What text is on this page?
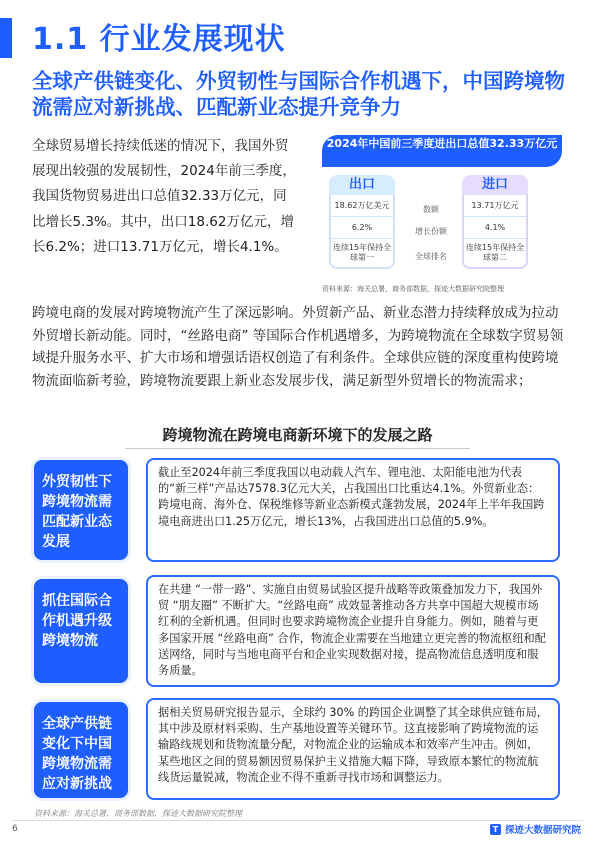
1.1 行业发展现状
全球产供链变化、外贸韧性与国际合作机遇下，中国跨境物流需应对新挑战、匹配新业态提升竞争力

全球贸易增长持续低迷的情况下，我国外贸展现出较强的发展韧性，2024年前三季度，我国货物贸易进出口总值32.33万亿元，同比增长5.3%。其中，出口18.62万亿元，增长6.2%；进口13.71万亿元，增长4.1%。

2024年中国前三季度进出口总值32.33万亿元
出口
18.62万亿美元
6.2%
连续15年保持全球第一
数额
增长份额
全球排名
进口
13.71万亿元
4.1%
连续15年保持全球第二
资料来源：海关总署，商务部数据，探迹大数据研究院整理

跨境电商的发展对跨境物流产生了深远影响。外贸新产品、新业态潜力持续释放成为拉动外贸增长新动能。同时，“丝路电商” 等国际合作机遇增多，为跨境物流在全球数字贸易领域提升服务水平、扩大市场和增强话语权创造了有利条件。全球供应链的深度重构使跨境物流面临新考验，跨境物流要跟上新业态发展步伐，满足新型外贸增长的物流需求；

跨境物流在跨境电商新环境下的发展之路
外贸韧性下跨境物流需匹配新业态发展
截止至2024年前三季度我国以电动载人汽车、锂电池、太阳能电池为代表的“新三样”产品达7578.3亿元大关，占我国出口比重达4.1%。外贸新业态：跨境电商、海外仓、保税维修等新业态新模式蓬勃发展，2024年上半年我国跨境电商进出口1.25万亿元，增长13%，占我国进出口总值的5.9%。
抓住国际合作机遇升级跨境物流
在共建 “一带一路”、实施自由贸易试验区提升战略等政策叠加发力下，我国外贸 “朋友圈” 不断扩大。“丝路电商” 成效显著推动各方共享中国超大规模市场红利的全新机遇。但同时也要求跨境物流企业提升自身能力。例如，随着与更多国家开展 “丝路电商” 合作，物流企业需要在当地建立更完善的物流枢纽和配送网络，同时与当地电商平台和企业实现数据对接，提高物流信息透明度和服务质量。
全球产供链变化下中国跨境物流需应对新挑战
据相关贸易研究报告显示，全球约 30% 的跨国企业调整了其全球供应链布局，其中涉及原材料采购、生产基地设置等关键环节。这直接影响了跨境物流的运输路线规划和货物流量分配，对物流企业的运输成本和效率产生冲击。例如，某些地区之间的贸易额因贸易保护主义措施大幅下降，导致原本繁忙的物流航线货运量锐减，物流企业不得不重新寻找市场和调整运力。
资料来源：海关总署，商务部数据，探迹大数据研究院整理
6	T 探迹大数据研究院
